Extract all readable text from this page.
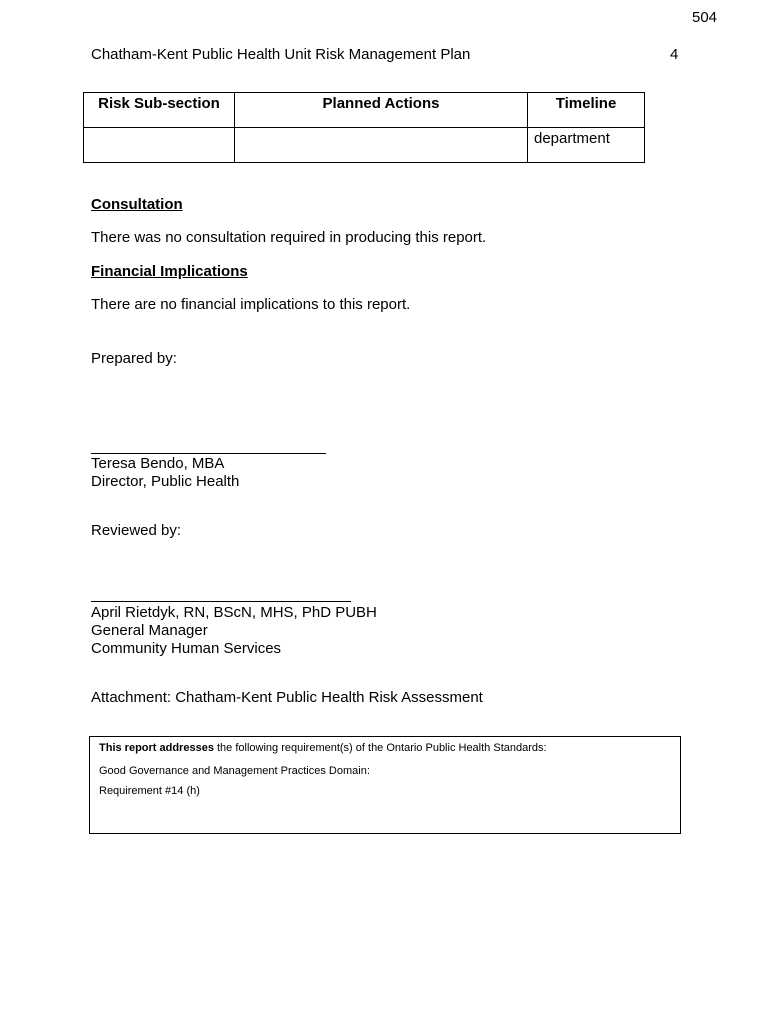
504
Chatham-Kent Public Health Unit Risk Management Plan	4
Risk Sub-section	Planned Actions	Timeline
		department
Consultation
There was no consultation required in producing this report.
Financial Implications
There are no financial implications to this report.
Prepared by:
Teresa Bendo, MBA
Director, Public Health
Reviewed by:
April Rietdyk, RN, BScN, MHS, PhD PUBH
General Manager
Community Human Services
Attachment: Chatham-Kent Public Health Risk Assessment
This report addresses the following requirement(s) of the Ontario Public Health Standards:
Good Governance and Management Practices Domain:
Requirement #14 (h)
